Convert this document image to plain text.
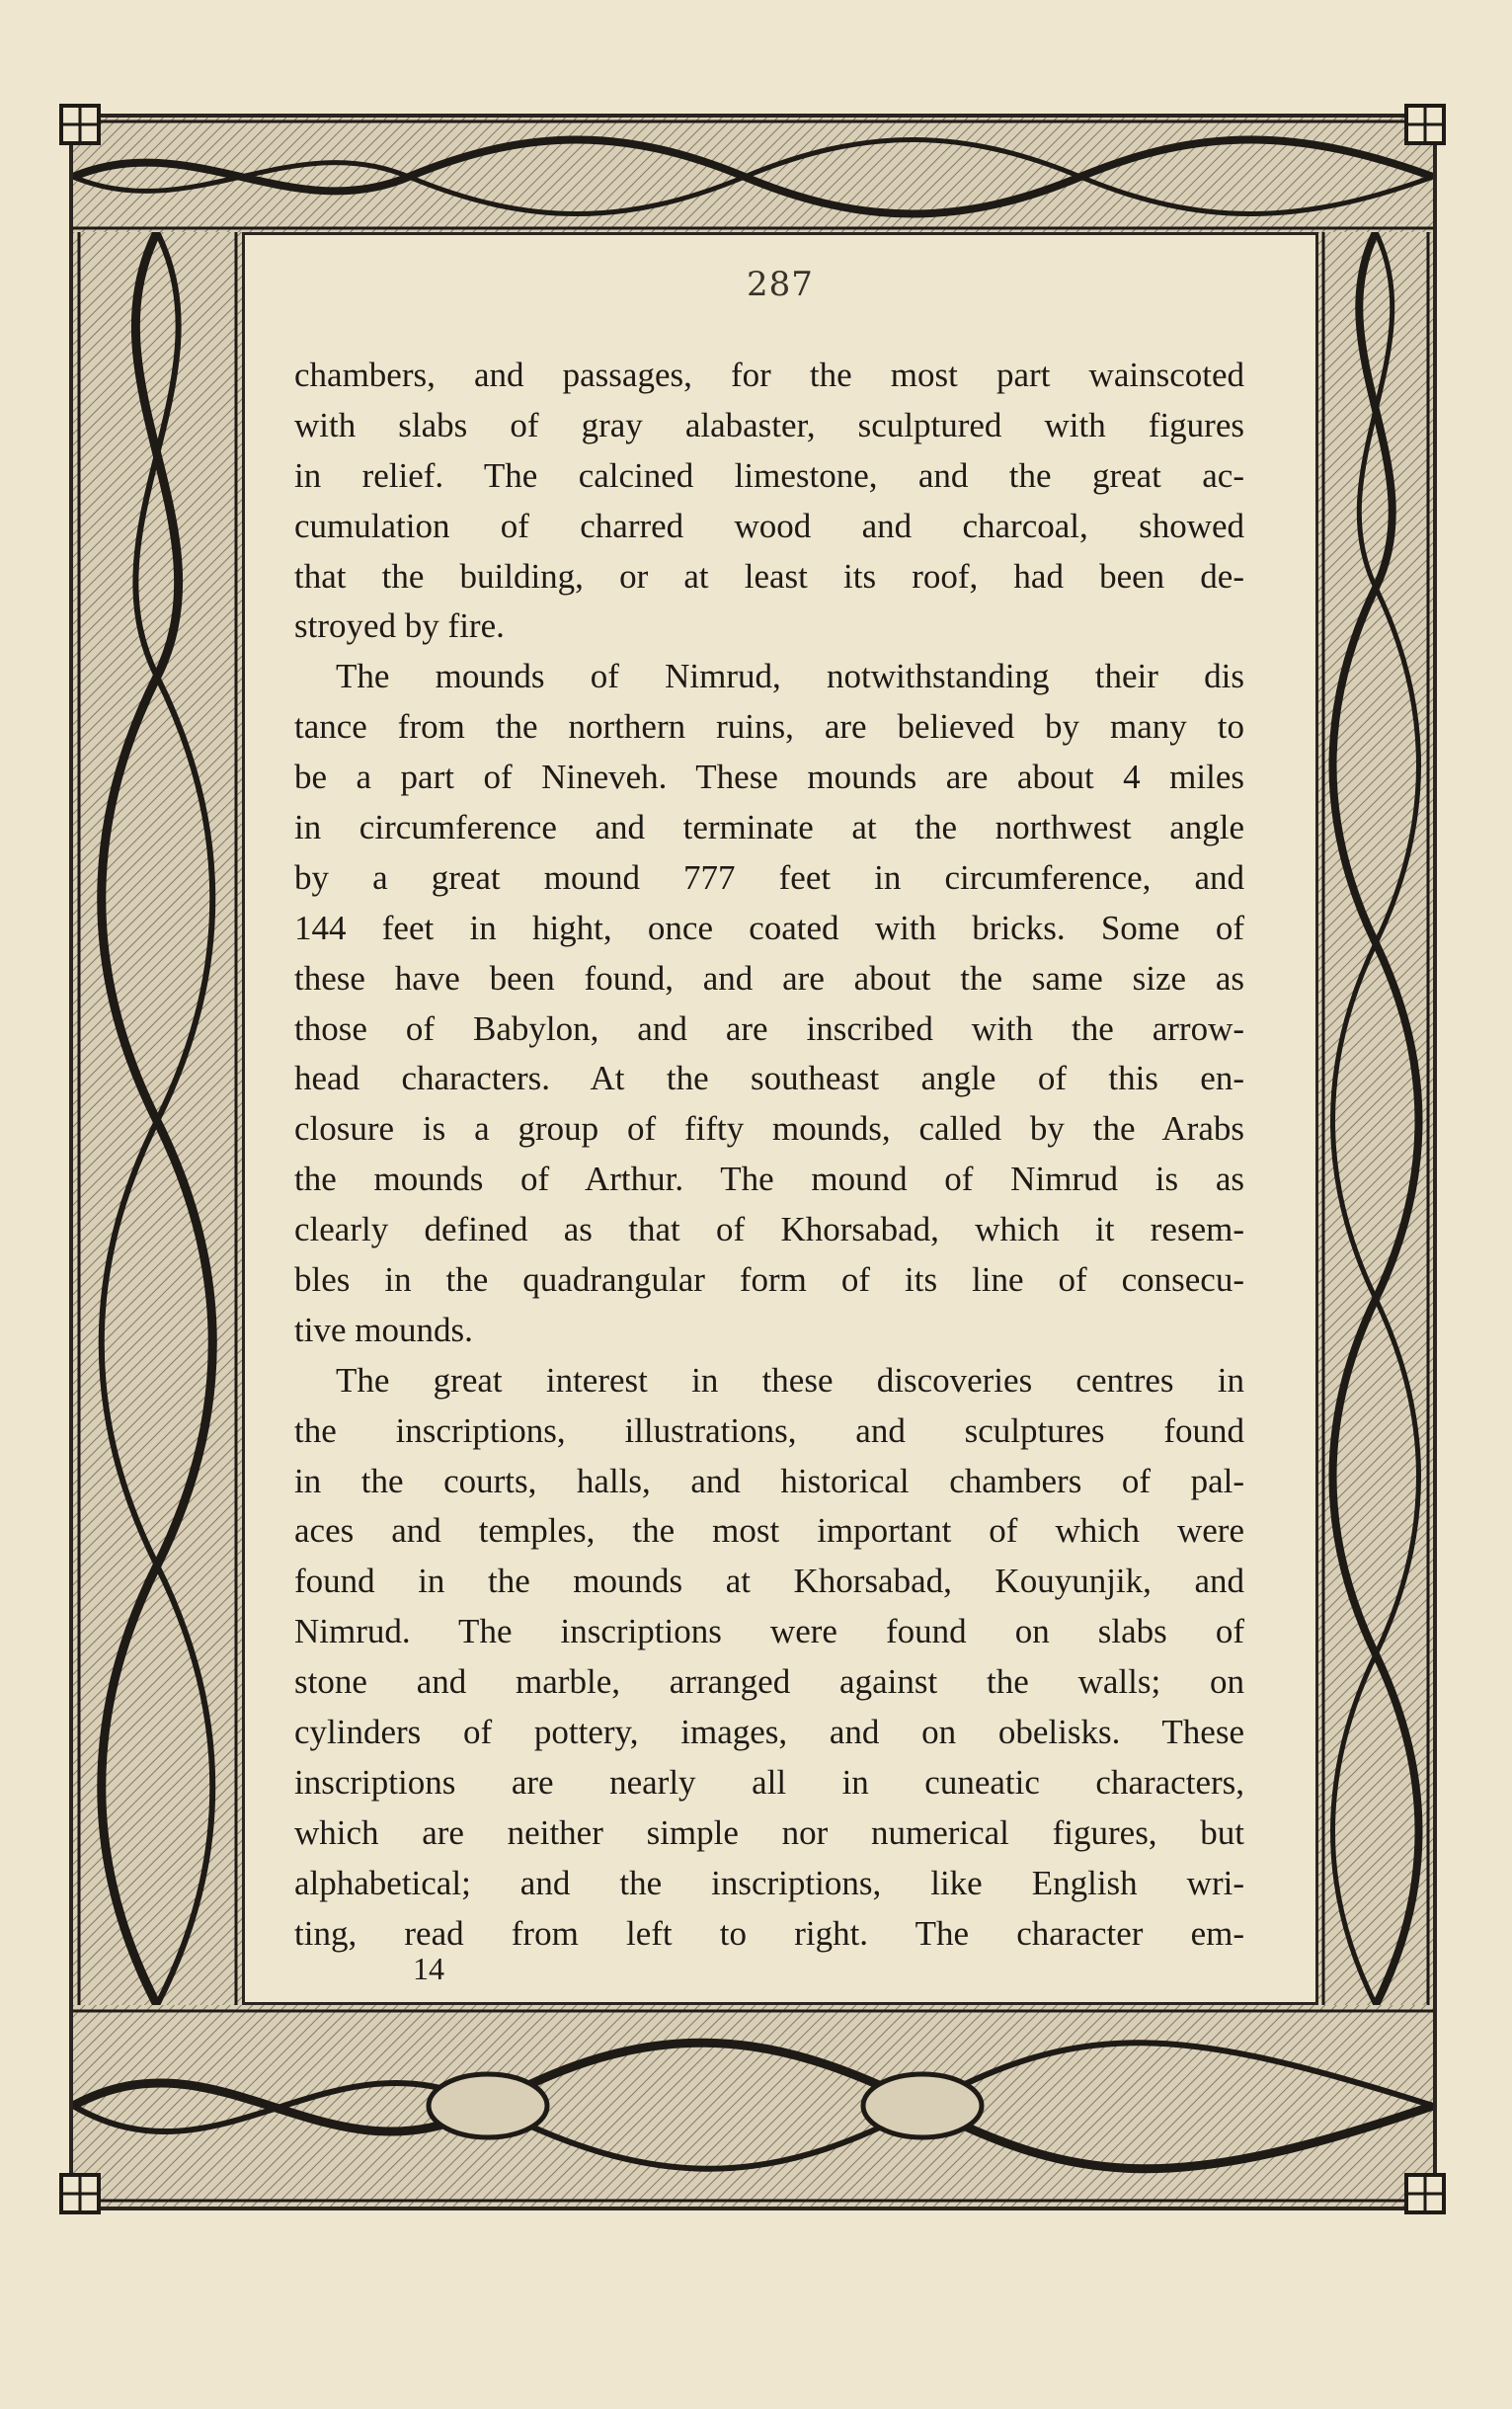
287
chambers, and passages, for the most part wainscoted
with slabs of gray alabaster, sculptured with figures
in relief. The calcined limestone, and the great ac-
cumulation of charred wood and charcoal, showed
that the building, or at least its roof, had been de-
stroyed by fire.
The mounds of Nimrud, notwithstanding their dis
tance from the northern ruins, are believed by many to
be a part of Nineveh. These mounds are about 4 miles
in circumference and terminate at the northwest angle
by a great mound 777 feet in circumference, and
144 feet in hight, once coated with bricks. Some of
these have been found, and are about the same size as
those of Babylon, and are inscribed with the arrow-
head characters. At the southeast angle of this en-
closure is a group of fifty mounds, called by the Arabs
the mounds of Arthur. The mound of Nimrud is as
clearly defined as that of Khorsabad, which it resem-
bles in the quadrangular form of its line of consecu-
tive mounds.
The great interest in these discoveries centres in
the inscriptions, illustrations, and sculptures found
in the courts, halls, and historical chambers of pal-
aces and temples, the most important of which were
found in the mounds at Khorsabad, Kouyunjik, and
Nimrud. The inscriptions were found on slabs of
stone and marble, arranged against the walls; on
cylinders of pottery, images, and on obelisks. These
inscriptions are nearly all in cuneatic characters,
which are neither simple nor numerical figures, but
alphabetical; and the inscriptions, like English wri-
ting, read from left to right. The character em-
14
